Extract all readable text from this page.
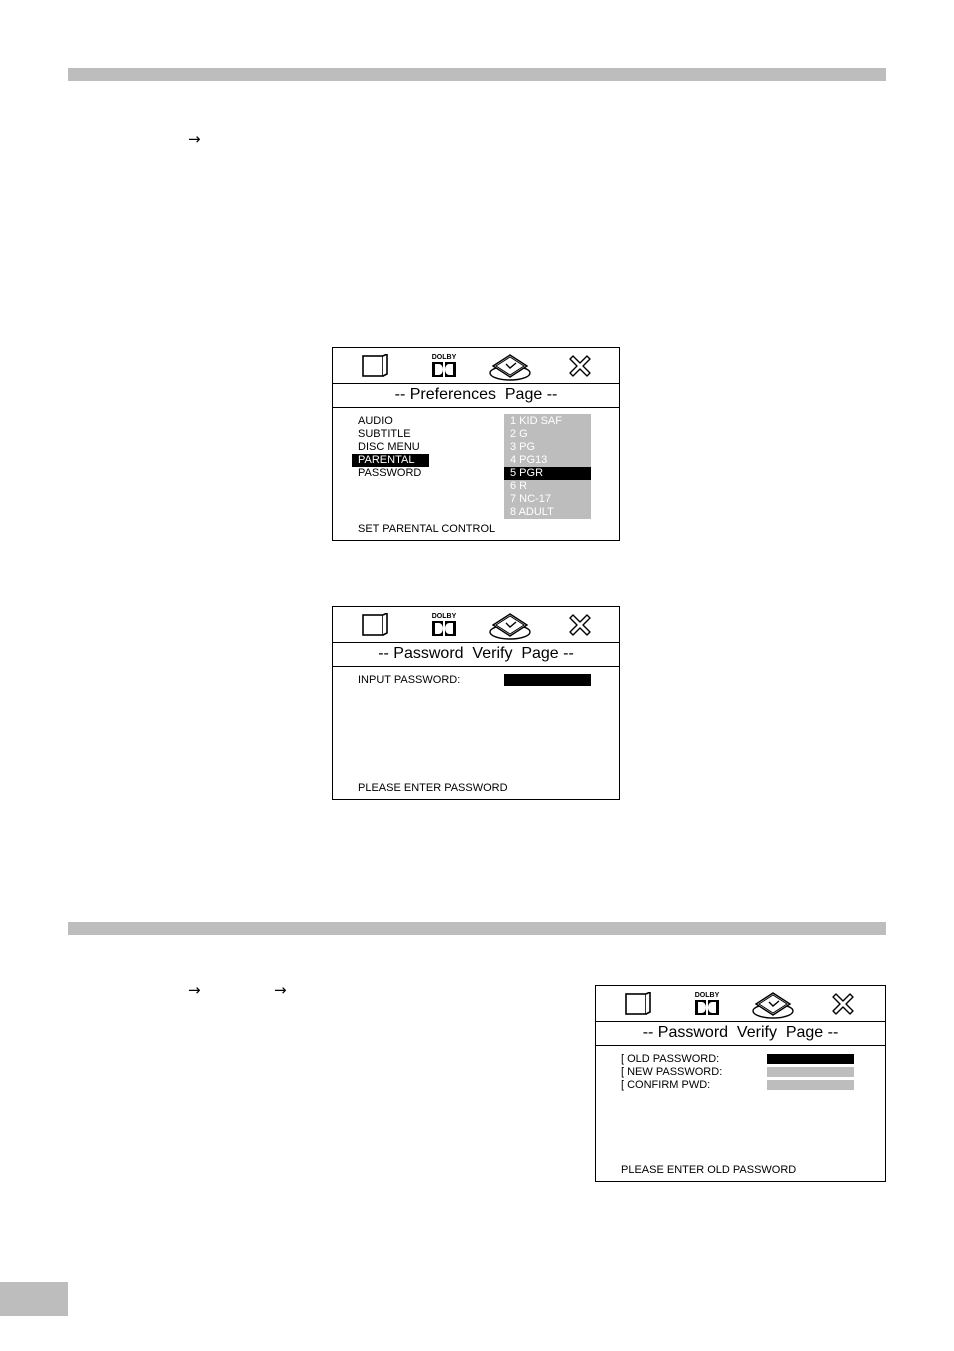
→
→	→
DOLBY
-- Preferences  Page --
AUDIO
SUBTITLE
DISC MENU
PARENTAL
PASSWORD
1 KID SAF
2 G
3 PG
4 PG13
5 PGR
6 R
7 NC-17
8 ADULT
SET PARENTAL CONTROL
DOLBY
-- Password  Verify  Page --
INPUT PASSWORD:
PLEASE ENTER PASSWORD
DOLBY
-- Password  Verify  Page --
[ OLD PASSWORD:
[ NEW PASSWORD:
[ CONFIRM PWD:
PLEASE ENTER OLD PASSWORD
